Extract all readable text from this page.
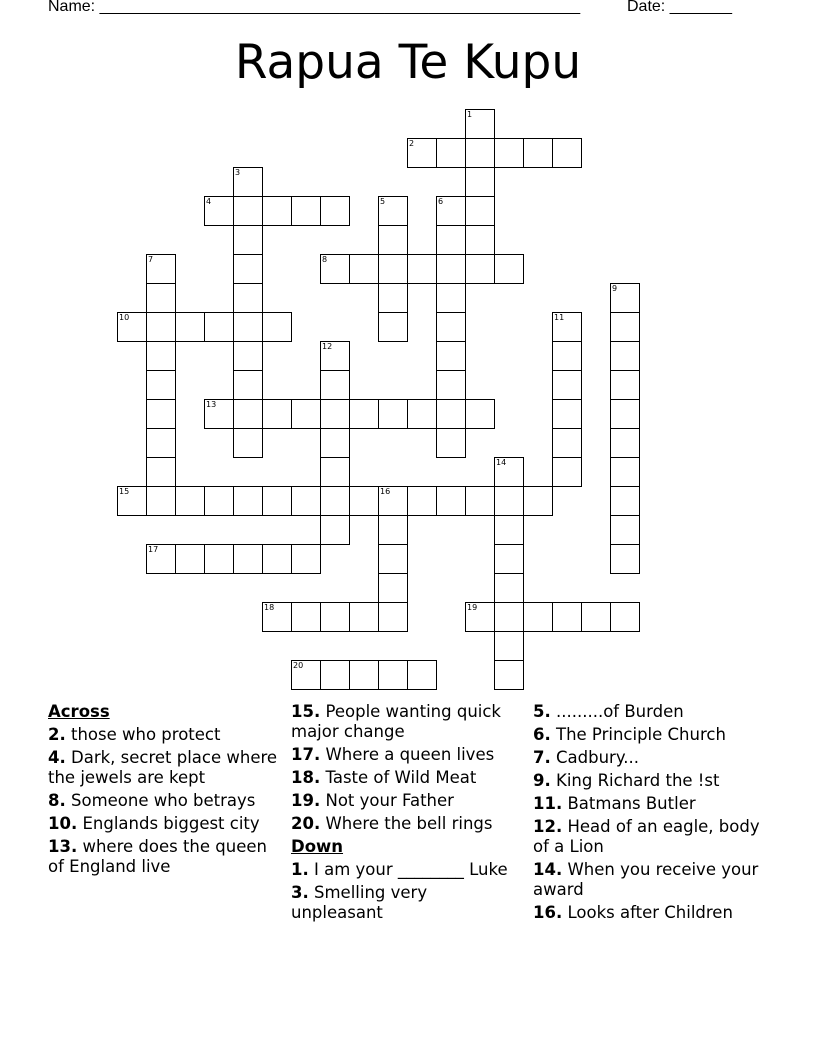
Name: ______________________________________________________	Date: _______
Rapua Te Kupu
1
2
3
4	5	6
7	8
9
10	11
12
13
14
15	16
17
18	19
20
Across
2. those who protect
4. Dark, secret place where the jewels are kept
8. Someone who betrays
10. Englands biggest city
13. where does the queen of England live
15. People wanting quick major change
17. Where a queen lives
18. Taste of Wild Meat
19. Not your Father
20. Where the bell rings
Down
1. I am your ________ Luke
3. Smelling very unpleasant
5. .........of Burden
6. The Principle Church
7. Cadbury...
9. King Richard the !st
11. Batmans Butler
12. Head of an eagle, body of a Lion
14. When you receive your award
16. Looks after Children
